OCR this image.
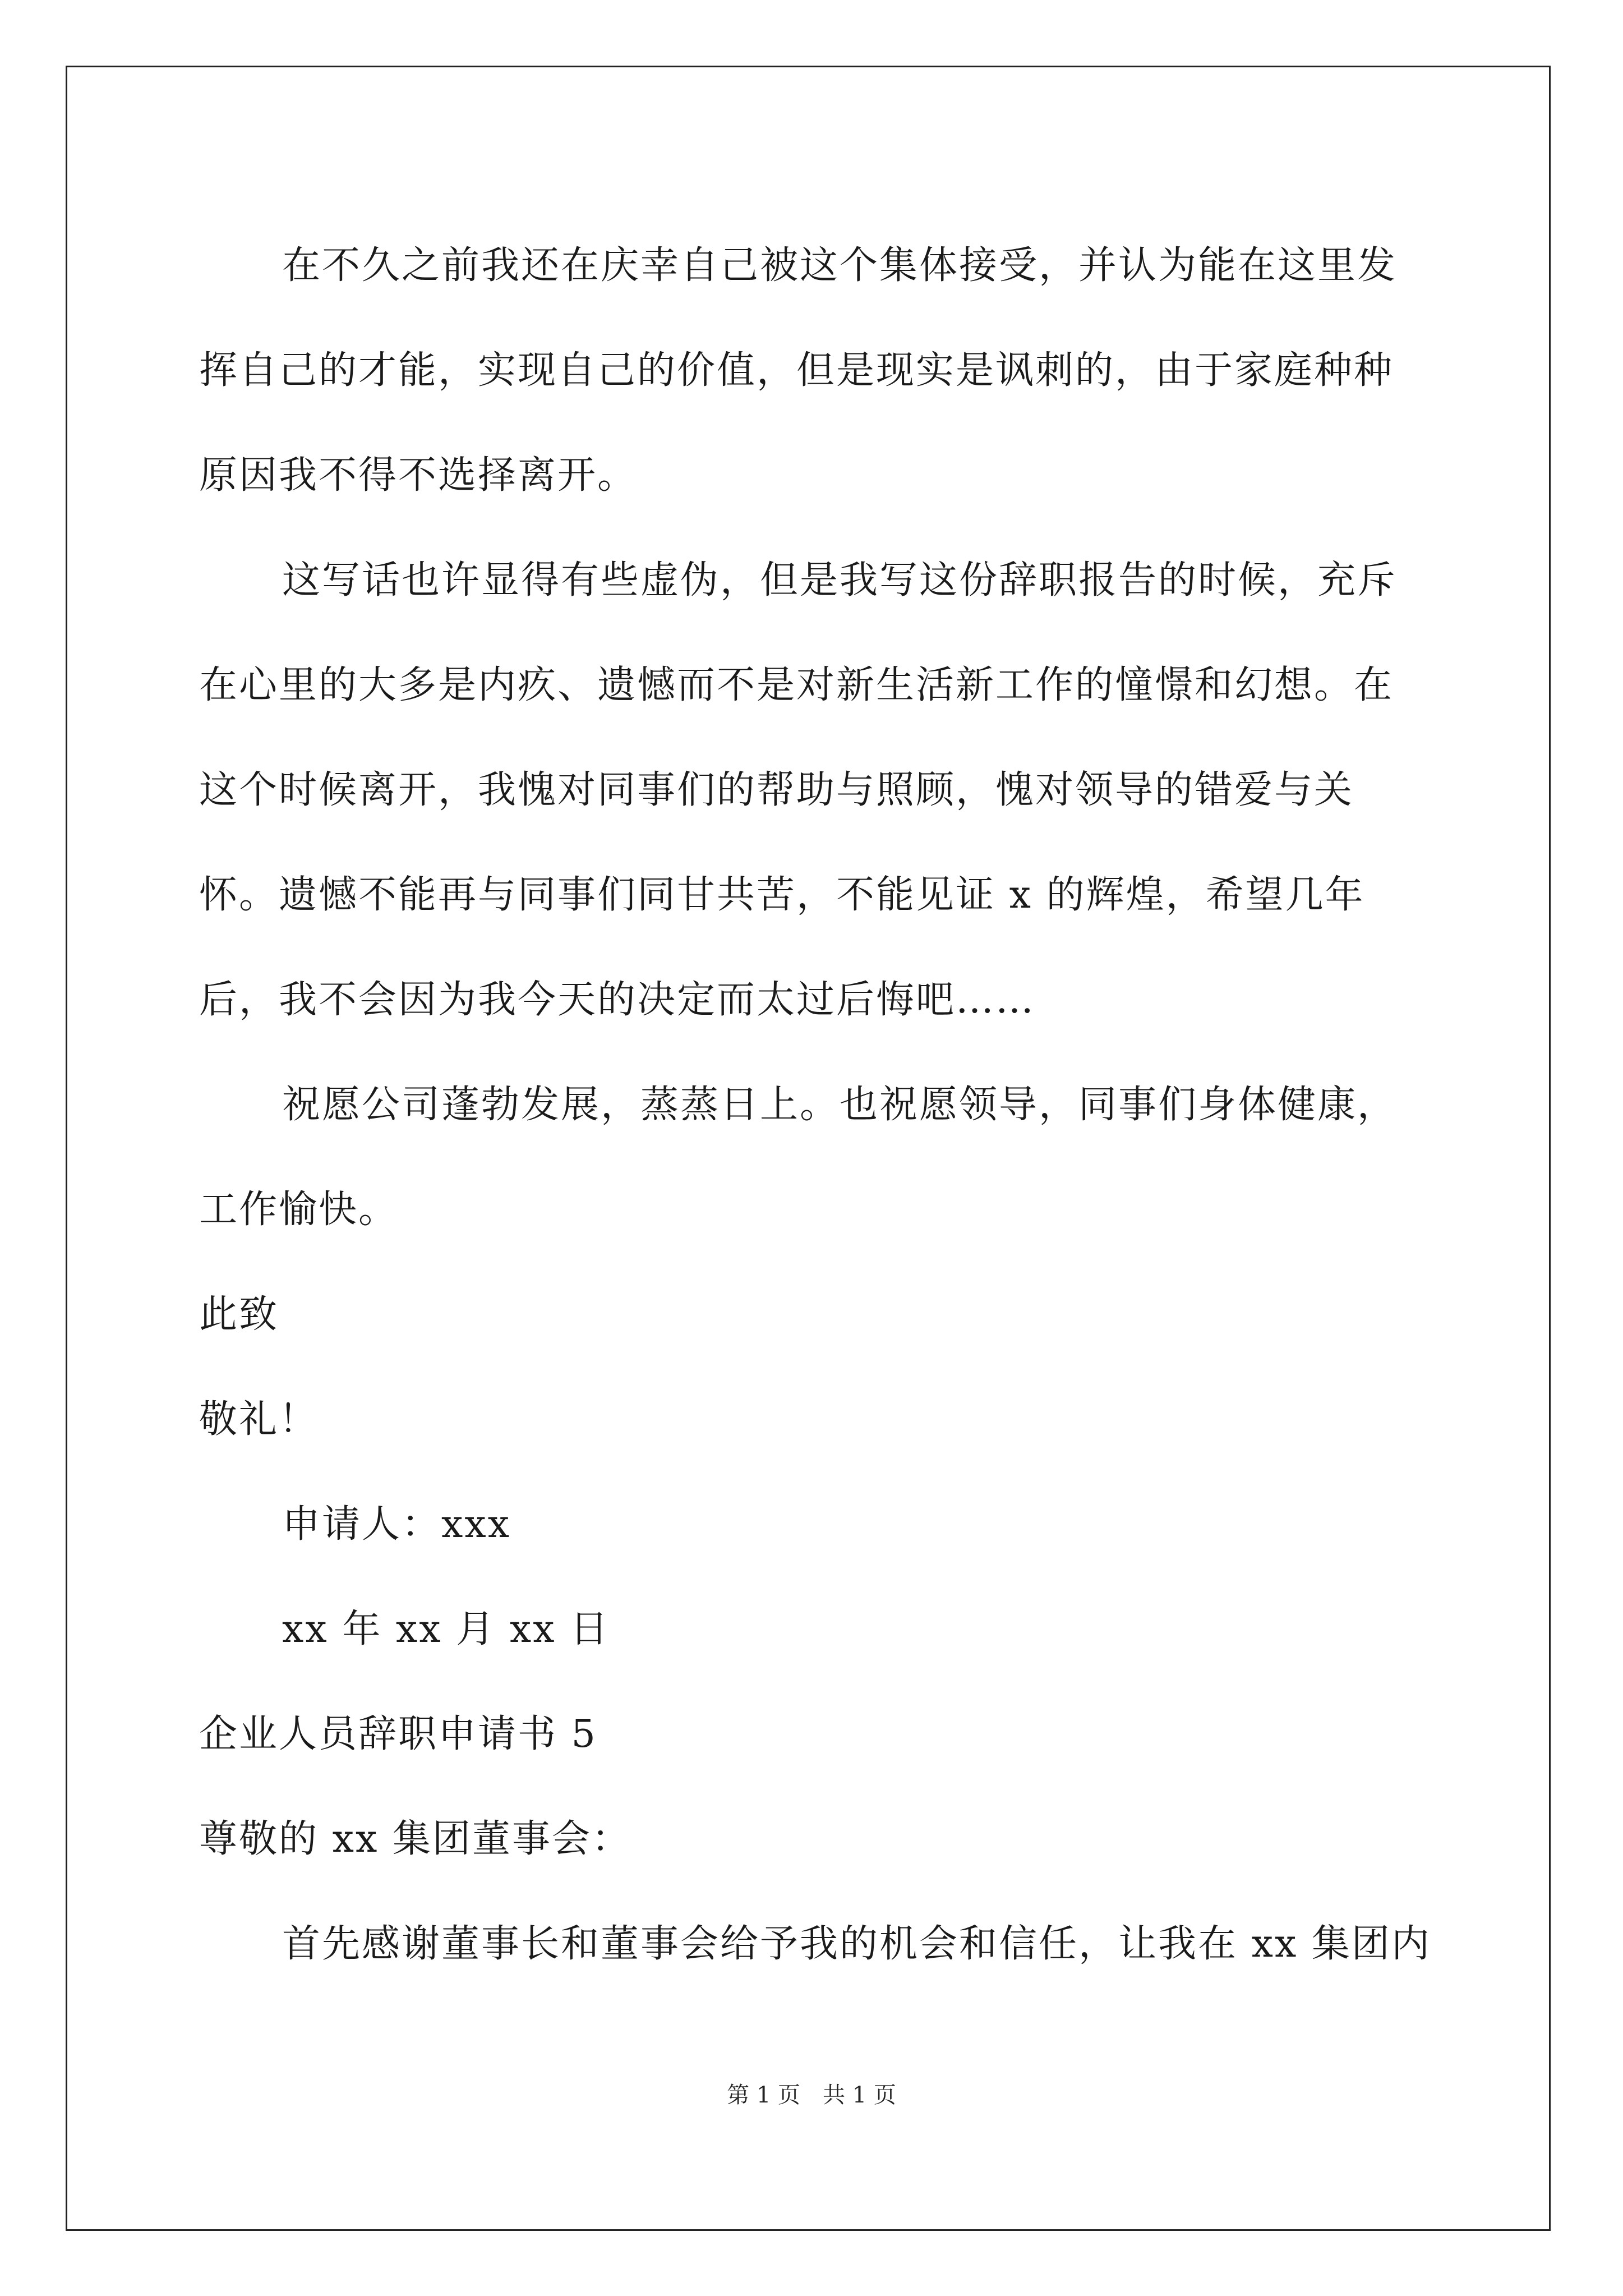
在不久之前我还在庆幸自己被这个集体接受，并认为能在这里发挥自己的才能，实现自己的价值，但是现实是讽刺的，由于家庭种种原因我不得不选择离开。

这写话也许显得有些虚伪，但是我写这份辞职报告的时候，充斥在心里的大多是内疚、遗憾而不是对新生活新工作的憧憬和幻想。在这个时候离开，我愧对同事们的帮助与照顾，愧对领导的错爱与关怀。遗憾不能再与同事们同甘共苦，不能见证 x 的辉煌，希望几年后，我不会因为我今天的决定而太过后悔吧……

祝愿公司蓬勃发展，蒸蒸日上。也祝愿领导，同事们身体健康，工作愉快。

此致

敬礼！

申请人：xxx

xx 年 xx 月 xx 日

企业人员辞职申请书 5

尊敬的 xx 集团董事会：

首先感谢董事长和董事会给予我的机会和信任，让我在 xx 集团内

第 1 页　共 1 页
